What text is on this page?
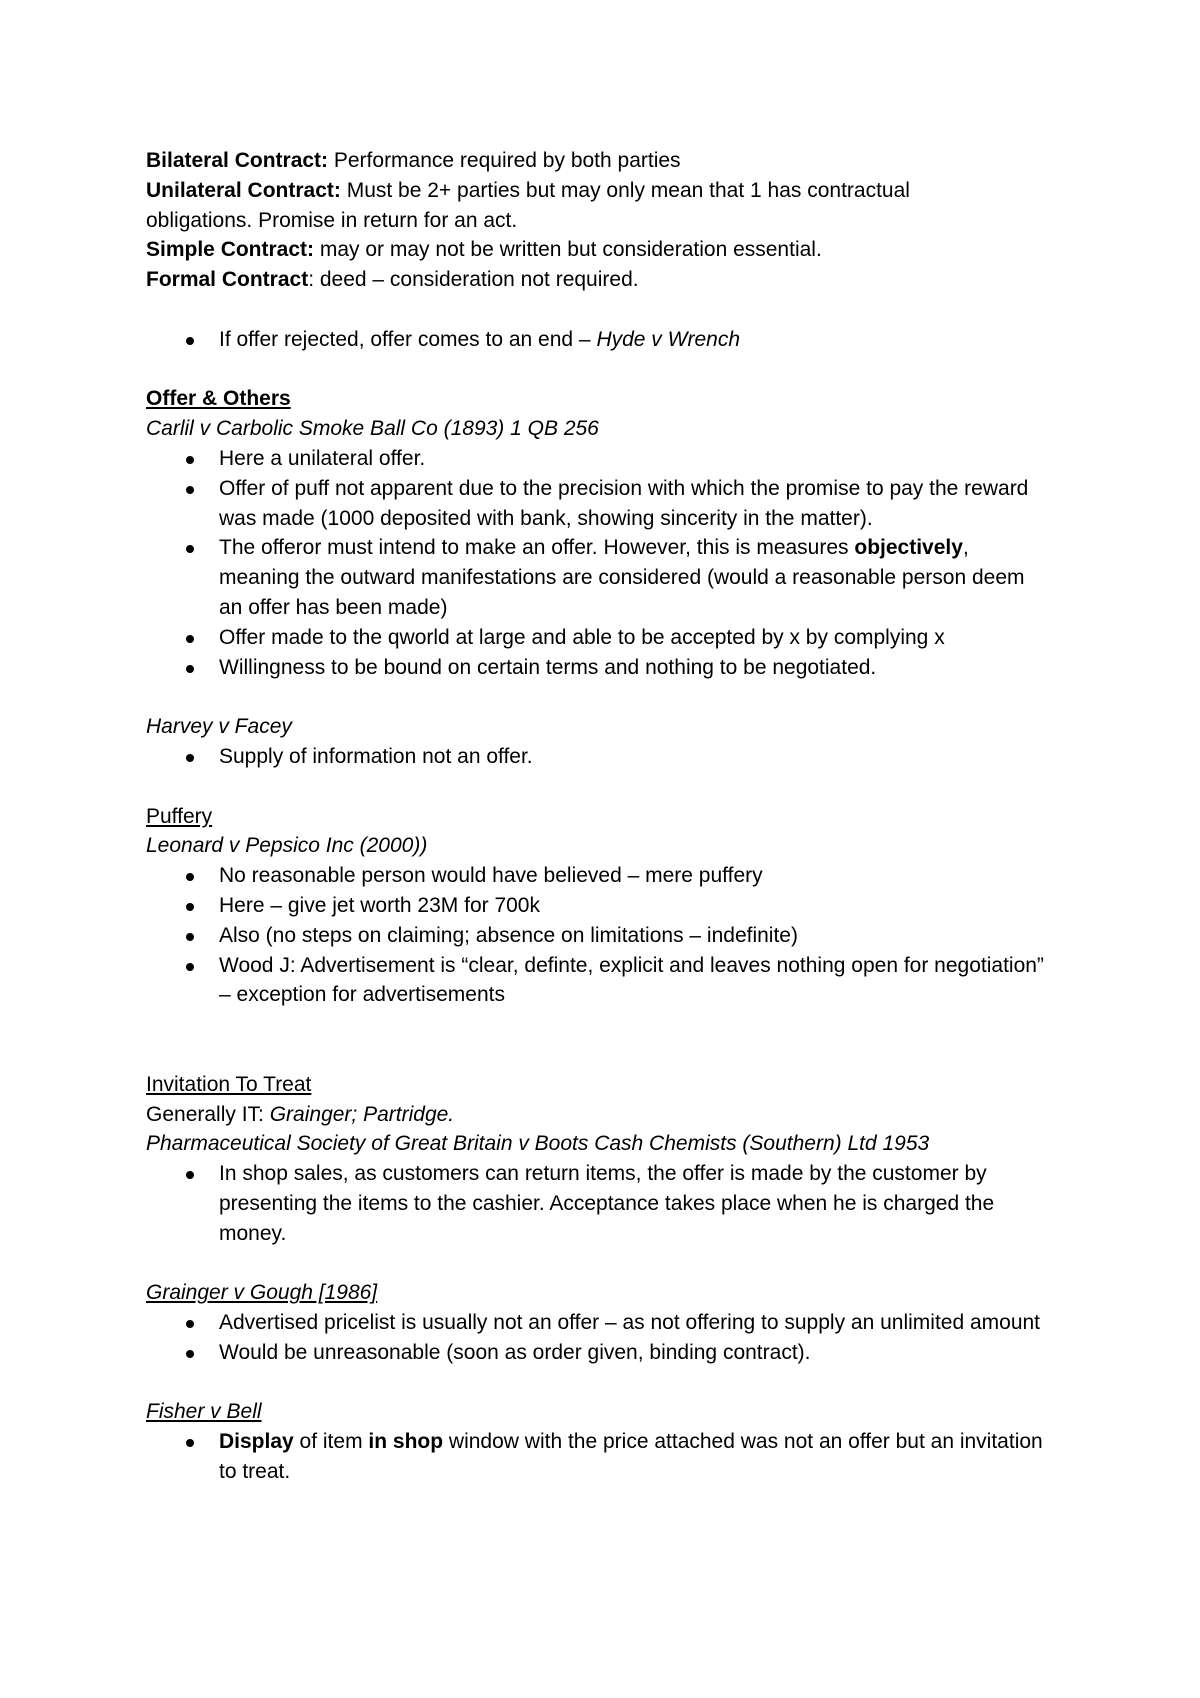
Bilateral Contract: Performance required by both parties

Unilateral Contract: Must be 2+ parties but may only mean that 1 has contractual

obligations. Promise in return for an act.

Simple Contract: may or may not be written but consideration essential.

Formal Contract: deed – consideration not required.

If offer rejected, offer comes to an end – Hyde v Wrench

Offer & Others

Carlil v Carbolic Smoke Ball Co (1893) 1 QB 256

Here a unilateral offer.
Offer of puff not apparent due to the precision with which the promise to pay the reward was made (1000 deposited with bank, showing sincerity in the matter).
The offeror must intend to make an offer. However, this is measures objectively, meaning the outward manifestations are considered (would a reasonable person deem an offer has been made)
Offer made to the qworld at large and able to be accepted by x by complying x
Willingness to be bound on certain terms and nothing to be negotiated.

Harvey v Facey

Supply of information not an offer.

Puffery

Leonard v Pepsico Inc (2000))

No reasonable person would have believed – mere puffery
Here – give jet worth 23M for 700k
Also (no steps on claiming; absence on limitations – indefinite)
Wood J: Advertisement is “clear, definte, explicit and leaves nothing open for negotiation” – exception for advertisements

Invitation To Treat

Generally IT: Grainger; Partridge.

Pharmaceutical Society of Great Britain v Boots Cash Chemists (Southern) Ltd 1953

In shop sales, as customers can return items, the offer is made by the customer by presenting the items to the cashier. Acceptance takes place when he is charged the money.

Grainger v Gough [1986]

Advertised pricelist is usually not an offer – as not offering to supply an unlimited amount
Would be unreasonable (soon as order given, binding contract).

Fisher v Bell

Display of item in shop window with the price attached was not an offer but an invitation to treat.
